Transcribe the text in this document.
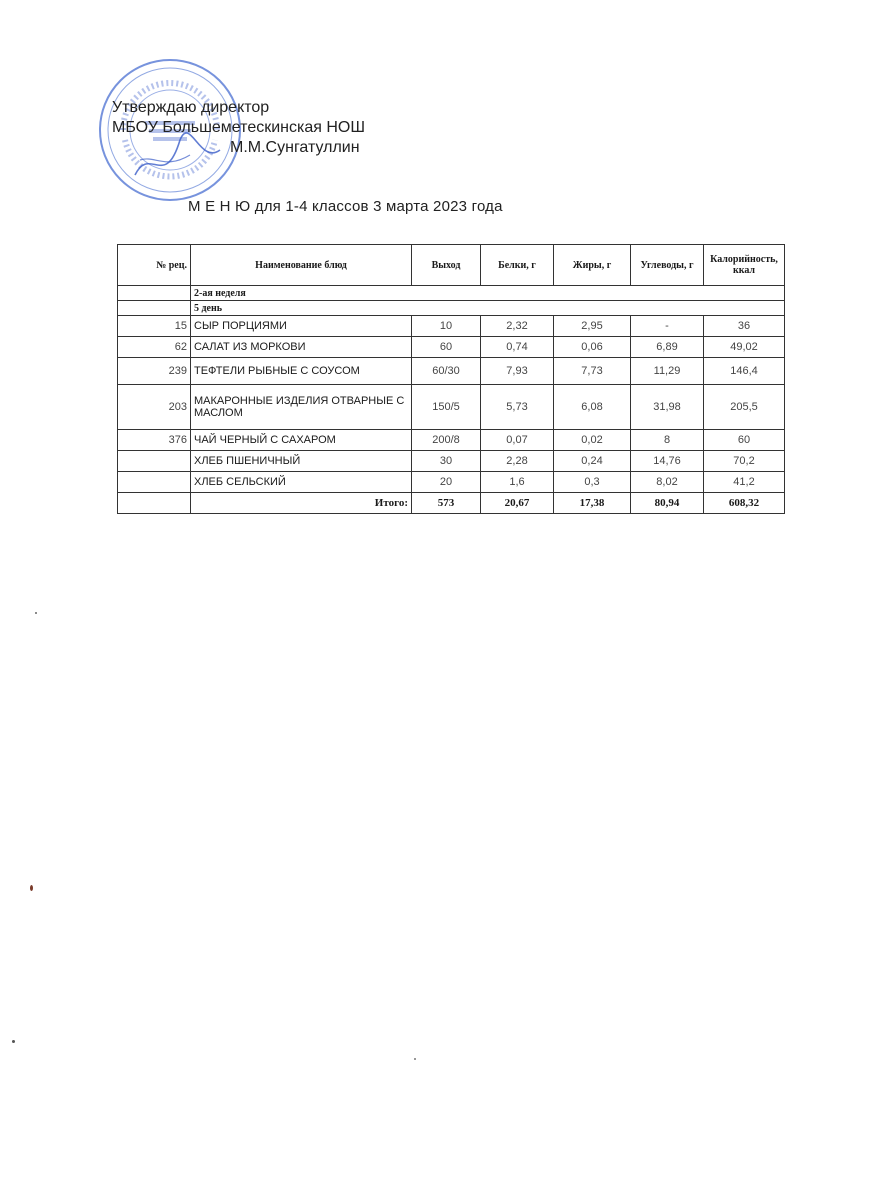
Утверждаю директор
МБОУ Большеметескинская НОШ
М.М.Сунгатуллин
М Е Н Ю для 1-4 классов 3 марта 2023 года
№ рец.	Наименование блюд	Выход	Белки, г	Жиры, г	Углеводы, г	Калорийность, ккал
	2-ая неделя					
	5 день					
15	СЫР ПОРЦИЯМИ	10	2,32	2,95	-	36
62	САЛАТ ИЗ МОРКОВИ	60	0,74	0,06	6,89	49,02
239	ТЕФТЕЛИ РЫБНЫЕ С СОУСОМ	60/30	7,93	7,73	11,29	146,4
203	МАКАРОННЫЕ ИЗДЕЛИЯ ОТВАРНЫЕ С МАСЛОМ	150/5	5,73	6,08	31,98	205,5
376	ЧАЙ ЧЕРНЫЙ С САХАРОМ	200/8	0,07	0,02	8	60
	ХЛЕБ ПШЕНИЧНЫЙ	30	2,28	0,24	14,76	70,2
	ХЛЕБ СЕЛЬСКИЙ	20	1,6	0,3	8,02	41,2
	Итого:	573	20,67	17,38	80,94	608,32
